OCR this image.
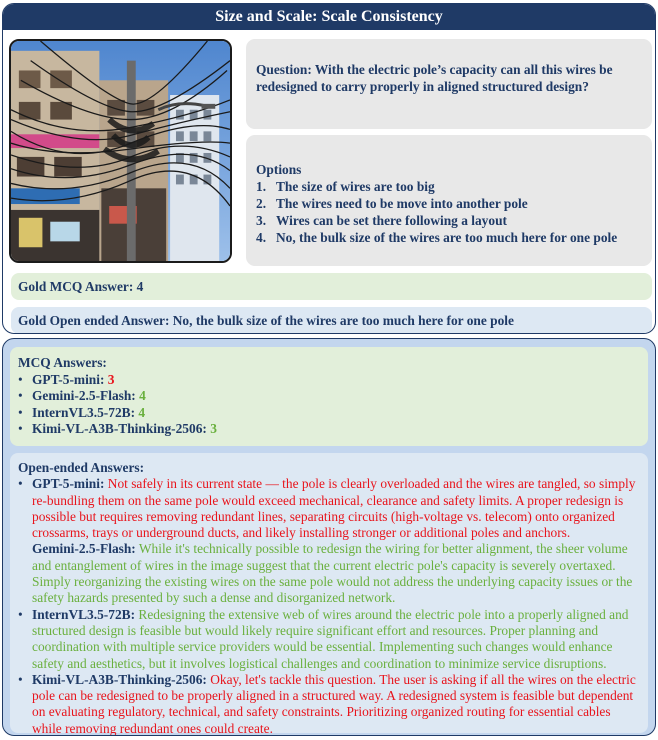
Size and Scale: Scale Consistency
Question: With the electric pole’s capacity can all this wires be redesigned to carry properly in aligned structured design?
Options
1. The size of wires are too big
2. The wires need to be move into another pole
3. Wires can be set there following a layout
4. No, the bulk size of the wires are too much here for one pole
Gold MCQ Answer: 4
Gold Open ended Answer: No, the bulk size of the wires are too much here for one pole
MCQ Answers:
• GPT-5-mini: 3
• Gemini-2.5-Flash: 4
• InternVL3.5-72B: 4
• Kimi-VL-A3B-Thinking-2506: 3
Open-ended Answers:
• GPT-5-mini: Not safely in its current state — the pole is clearly overloaded and the wires are tangled, so simply re-bundling them on the same pole would exceed mechanical, clearance and safety limits. A proper redesign is possible but requires removing redundant lines, separating circuits (high-voltage vs. telecom) onto organized crossarms, trays or underground ducts, and likely installing stronger or additional poles and anchors.
Gemini-2.5-Flash: While it's technically possible to redesign the wiring for better alignment, the sheer volume and entanglement of wires in the image suggest that the current electric pole's capacity is severely overtaxed. Simply reorganizing the existing wires on the same pole would not address the underlying capacity issues or the safety hazards presented by such a dense and disorganized network.
• InternVL3.5-72B: Redesigning the extensive web of wires around the electric pole into a properly aligned and structured design is feasible but would likely require significant effort and resources. Proper planning and coordination with multiple service providers would be essential. Implementing such changes would enhance safety and aesthetics, but it involves logistical challenges and coordination to minimize service disruptions.
• Kimi-VL-A3B-Thinking-2506: Okay, let's tackle this question. The user is asking if all the wires on the electric pole can be redesigned to be properly aligned in a structured way. A redesigned system is feasible but dependent on evaluating regulatory, technical, and safety constraints. Prioritizing organized routing for essential cables while removing redundant ones could create.
